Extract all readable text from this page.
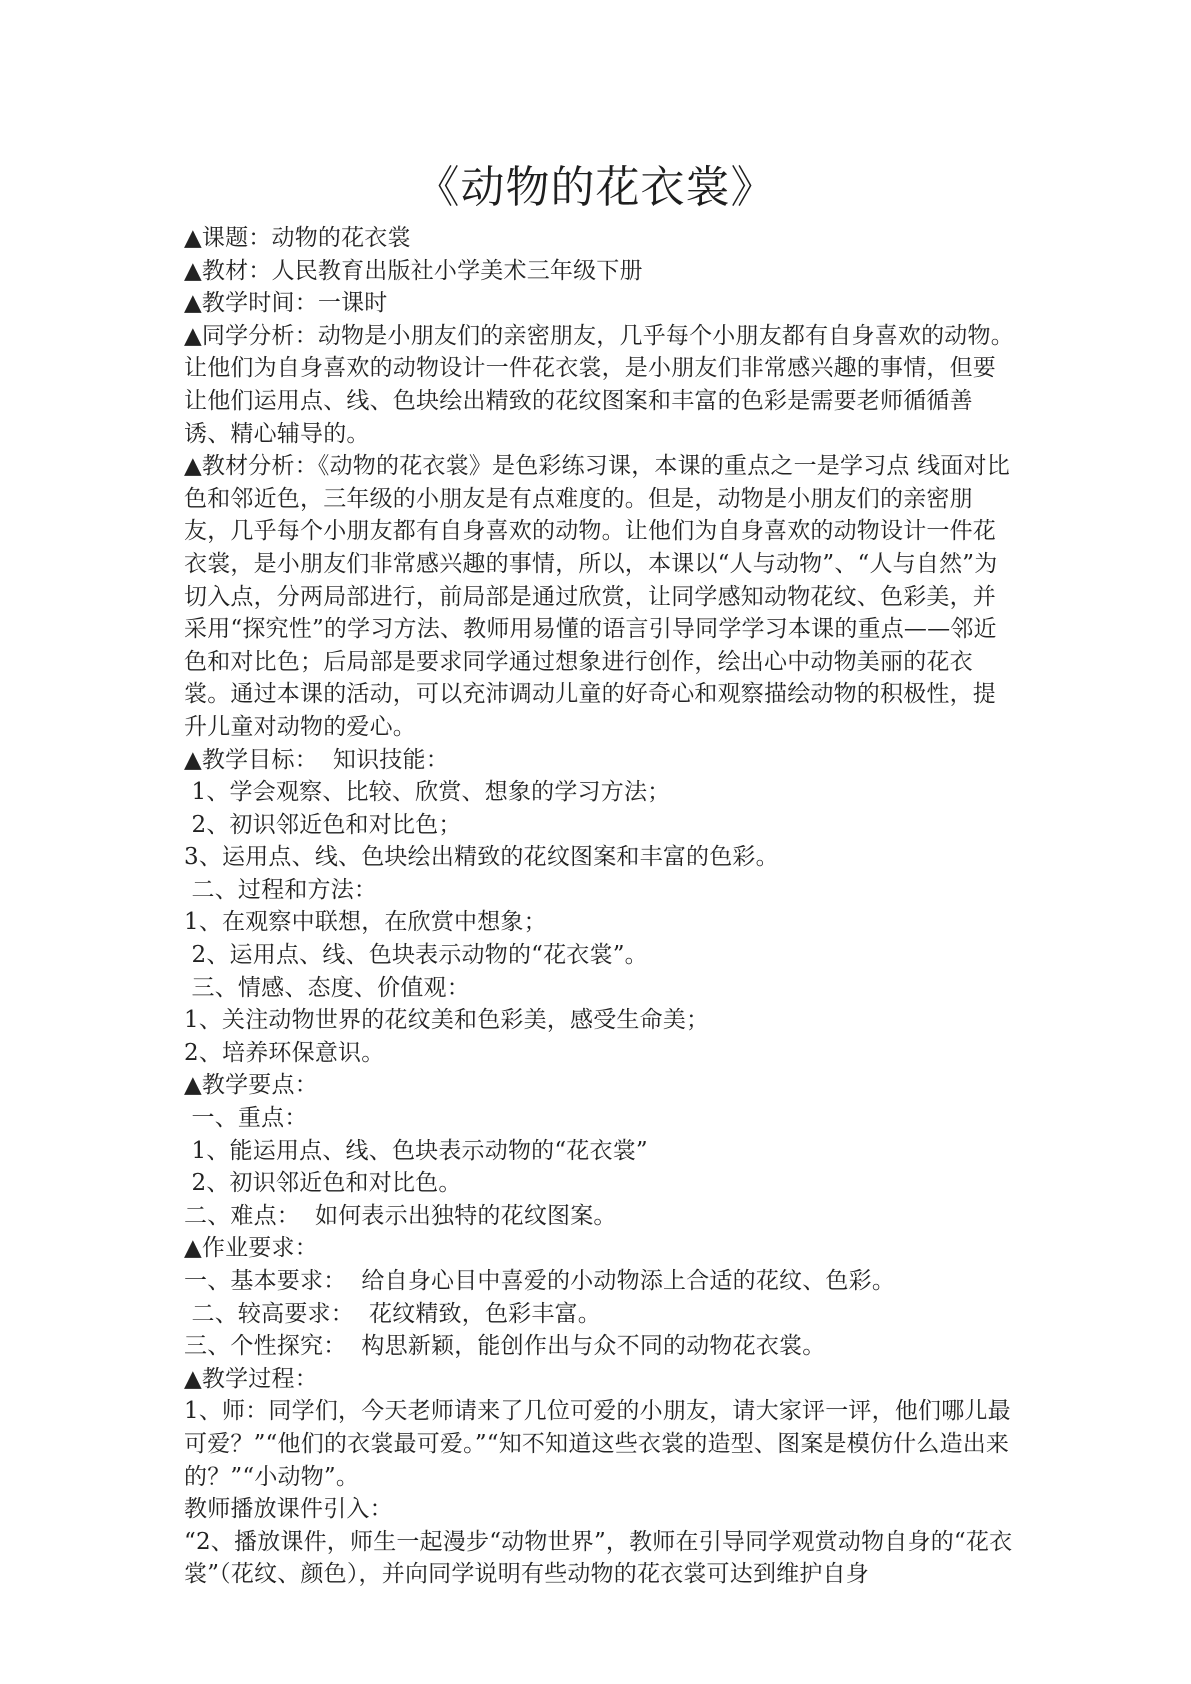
《动物的花衣裳》

▲课题：动物的花衣裳

▲教材：人民教育出版社小学美术三年级下册

▲教学时间：一课时

▲同学分析：动物是小朋友们的亲密朋友，几乎每个小朋友都有自身喜欢的动物。让他们为自身喜欢的动物设计一件花衣裳，是小朋友们非常感兴趣的事情，但要让他们运用点、线、色块绘出精致的花纹图案和丰富的色彩是需要老师循循善诱、精心辅导的。

▲教材分析：《动物的花衣裳》是色彩练习课，本课的重点之一是学习点 线面对比色和邻近色，三年级的小朋友是有点难度的。但是，动物是小朋友们的亲密朋友，几乎每个小朋友都有自身喜欢的动物。让他们为自身喜欢的动物设计一件花衣裳，是小朋友们非常感兴趣的事情，所以，本课以“人与动物”、“人与自然”为切入点，分两局部进行，前局部是通过欣赏，让同学感知动物花纹、色彩美，并采用“探究性”的学习方法、教师用易懂的语言引导同学学习本课的重点——邻近色和对比色；后局部是要求同学通过想象进行创作，绘出心中动物美丽的花衣裳。通过本课的活动，可以充沛调动儿童的好奇心和观察描绘动物的积极性，提升儿童对动物的爱心。

▲教学目标：  知识技能：

1、学会观察、比较、欣赏、想象的学习方法；

2、初识邻近色和对比色；

3、运用点、线、色块绘出精致的花纹图案和丰富的色彩。

二、过程和方法：

1、在观察中联想，在欣赏中想象；

2、运用点、线、色块表示动物的“花衣裳”。

三、情感、态度、价值观：

1、关注动物世界的花纹美和色彩美，感受生命美；

2、培养环保意识。

▲教学要点：

一、重点：

1、能运用点、线、色块表示动物的“花衣裳”

2、初识邻近色和对比色。

二、难点：  如何表示出独特的花纹图案。

▲作业要求：

一、基本要求：  给自身心目中喜爱的小动物添上合适的花纹、色彩。

二、较高要求：  花纹精致，色彩丰富。

三、个性探究：  构思新颖，能创作出与众不同的动物花衣裳。

▲教学过程：

1、师：同学们，今天老师请来了几位可爱的小朋友，请大家评一评，他们哪儿最可爱？”“他们的衣裳最可爱。”“知不知道这些衣裳的造型、图案是模仿什么造出来的？”“小动物”。

教师播放课件引入：

“2、播放课件，师生一起漫步“动物世界”，教师在引导同学观赏动物自身的“花衣裳”（花纹、颜色），并向同学说明有些动物的花衣裳可达到维护自身
